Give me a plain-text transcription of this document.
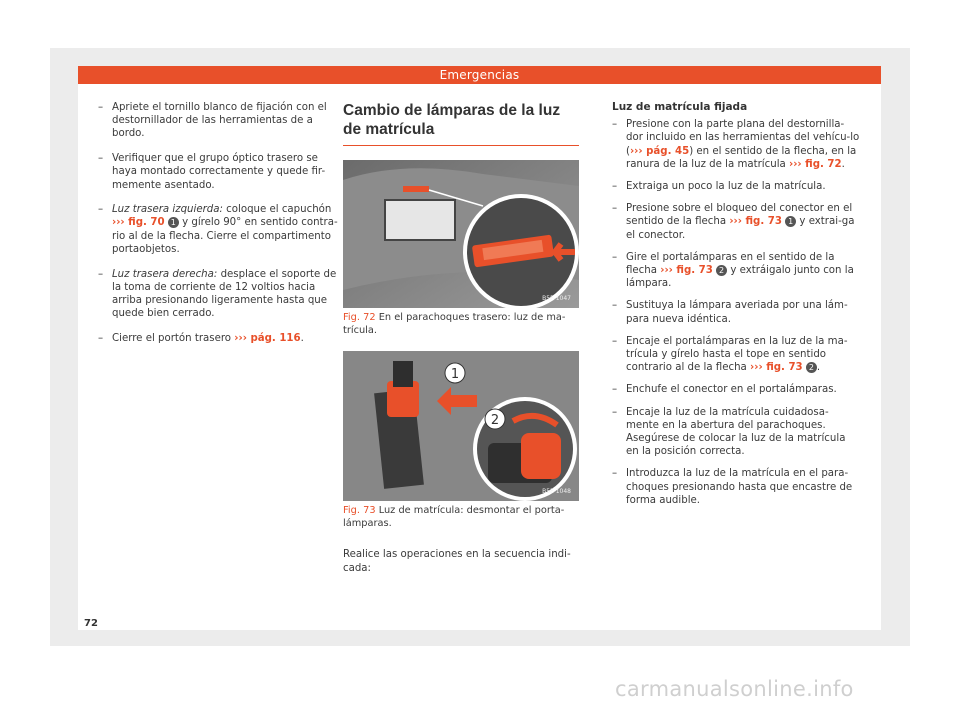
Emergencias
– Apriete el tornillo blanco de fijación con el destornillador de las herramientas de a bordo.
– Verifiquer que el grupo óptico trasero se haya montado correctamente y quede fir-memente asentado.
– Luz trasera izquierda: coloque el capuchón
››› fig. 70 1 y gírelo 90° en sentido contra-rio al de la flecha. Cierre el compartimento portaobjetos.
– Luz trasera derecha: desplace el soporte de la toma de corriente de 12 voltios hacia arriba presionando ligeramente hasta que quede bien cerrado.
– Cierre el portón trasero ››› pág. 116.
Cambio de lámparas de la luz de matrícula
B5F-1047
Fig. 72 En el parachoques trasero: luz de ma-trícula.
1
2
B5F-1048
Fig. 73 Luz de matrícula: desmontar el porta-lámparas.

Realice las operaciones en la secuencia indi-cada:

Luz de matrícula fijada
– Presione con la parte plana del destornilla-dor incluido en las herramientas del vehícu-lo (››› pág. 45) en el sentido de la flecha, en la ranura de la luz de la matrícula ››› fig. 72.
– Extraiga un poco la luz de la matrícula.
– Presione sobre el bloqueo del conector en el sentido de la flecha ››› fig. 73 1 y extrai-ga el conector.
– Gire el portalámparas en el sentido de la flecha ››› fig. 73 2 y extráigalo junto con la lámpara.
– Sustituya la lámpara averiada por una lám-para nueva idéntica.
– Encaje el portalámparas en la luz de la ma-trícula y gírelo hasta el tope en sentido contrario al de la flecha ››› fig. 73 2 .
– Enchufe el conector en el portalámparas.
– Encaje la luz de la matrícula cuidadosa-mente en la abertura del parachoques. Asegúrese de colocar la luz de la matrícula en la posición correcta.
– Introduzca la luz de la matrícula en el para-choques presionando hasta que encastre de forma audible.
72
carmanualsonline.info
